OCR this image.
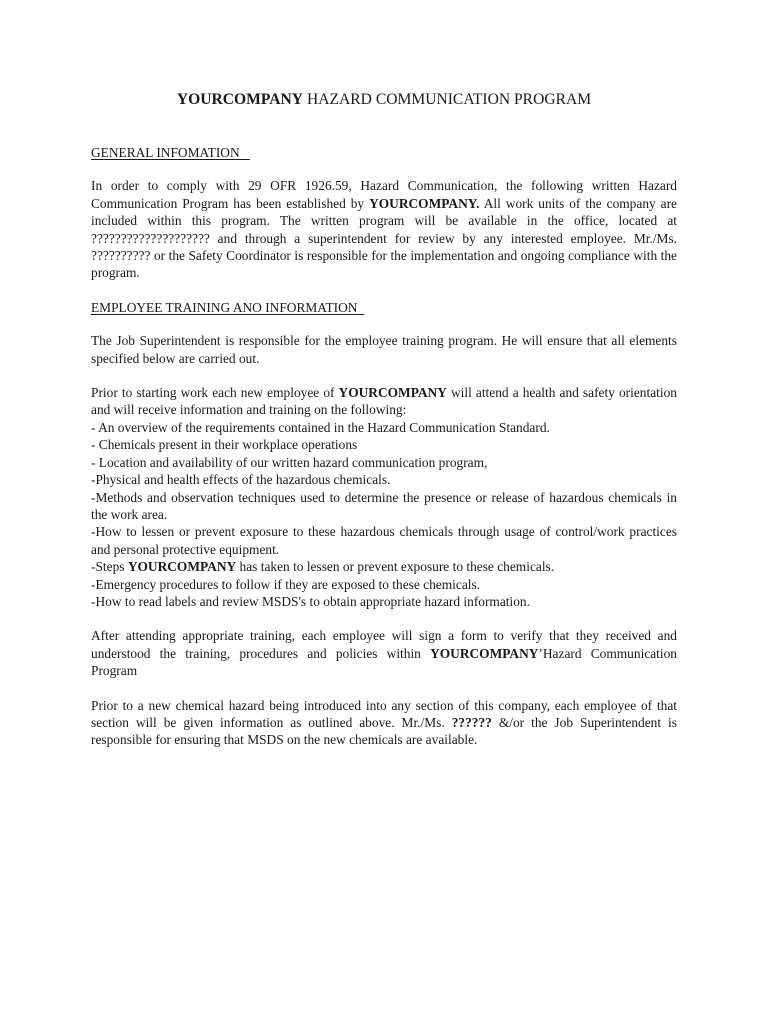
YOURCOMPANY HAZARD COMMUNICATION PROGRAM
GENERAL INFOMATION

In order to comply with 29 OFR 1926.59, Hazard Communication, the following written Hazard Communication Program has been established by YOURCOMPANY. All work units of the company are included within this program. The written program will be available in the office, located at ???????????????????? and through a superintendent for review by any interested employee. Mr./Ms. ?????????? or the Safety Coordinator is responsible for the implementation and ongoing compliance with the program.

EMPLOYEE TRAINING ANO INFORMATION

The Job Superintendent is responsible for the employee training program. He will ensure that all elements specified below are carried out.

Prior to starting work each new employee of YOURCOMPANY will attend a health and safety orientation and will receive information and training on the following:
- An overview of the requirements contained in the Hazard Communication Standard.
- Chemicals present in their workplace operations
- Location and availability of our written hazard communication program,
-Physical and health effects of the hazardous chemicals.
-Methods and observation techniques used to determine the presence or release of hazardous chemicals in the work area.
-How to lessen or prevent exposure to these hazardous chemicals through usage of control/work practices and personal protective equipment.
-Steps YOURCOMPANY has taken to lessen or prevent exposure to these chemicals.
-Emergency procedures to follow if they are exposed to these chemicals.
-How to read labels and review MSDS's to obtain appropriate hazard information.

After attending appropriate training, each employee will sign a form to verify that they received and understood the training, procedures and policies within YOURCOMPANY’Hazard Communication Program

Prior to a new chemical hazard being introduced into any section of this company, each employee of that section will be given information as outlined above. Mr./Ms. ?????? &/or the Job Superintendent is responsible for ensuring that MSDS on the new chemicals are available.
